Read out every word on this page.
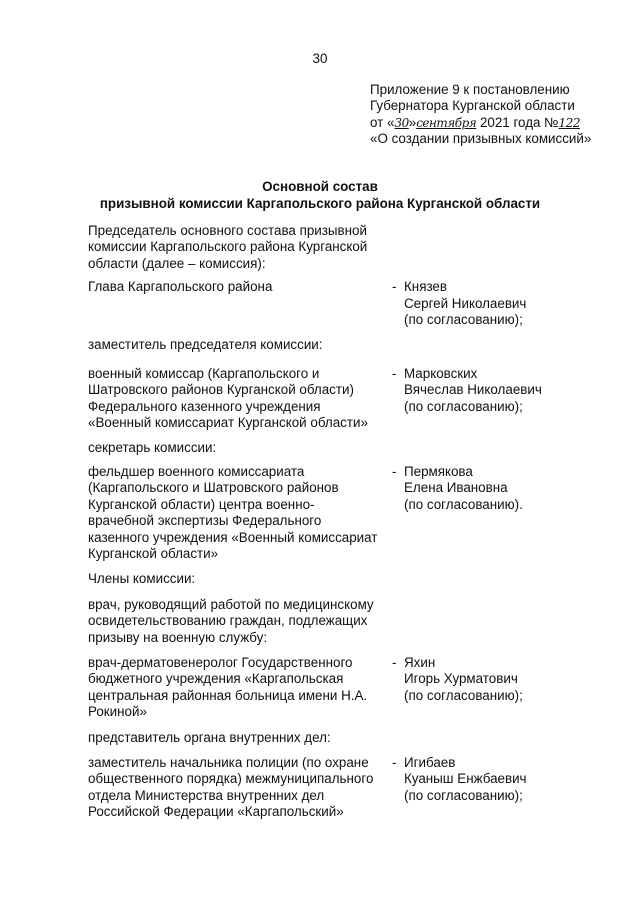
30
Приложение 9 к постановлению
Губернатора Курганской области
от «30»сентября 2021 года №122
«О создании призывных комиссий»
Основной состав
призывной комиссии Каргапольского района Курганской области
Председатель основного состава призывной
комиссии Каргапольского района Курганской
области (далее – комиссия):
Глава Каргапольского района	- Князев
Сергей Николаевич
(по согласованию);
заместитель председателя комиссии:
военный комиссар (Каргапольского и
Шатровского районов Курганской области)
Федерального казенного учреждения
«Военный комиссариат Курганской области»
- Марковских
Вячеслав Николаевич
(по согласованию);
секретарь комиссии:
фельдшер военного комиссариата
(Каргапольского и Шатровского районов
Курганской области) центра военно-
врачебной экспертизы Федерального
казенного учреждения «Военный комиссариат
Курганской области»
- Пермякова
Елена Ивановна
(по согласованию).
Члены комиссии:
врач, руководящий работой по медицинскому
освидетельствованию граждан, подлежащих
призыву на военную службу:
врач-дерматовенеролог Государственного
бюджетного учреждения «Каргапольская
центральная районная больница имени Н.А.
Рокиной»
- Яхин
Игорь Хурматович
(по согласованию);
представитель органа внутренних дел:
заместитель начальника полиции (по охране
общественного порядка) межмуниципального
отдела Министерства внутренних дел
Российской Федерации «Каргапольский»
- Игибаев
Куаныш Енжбаевич
(по согласованию);
